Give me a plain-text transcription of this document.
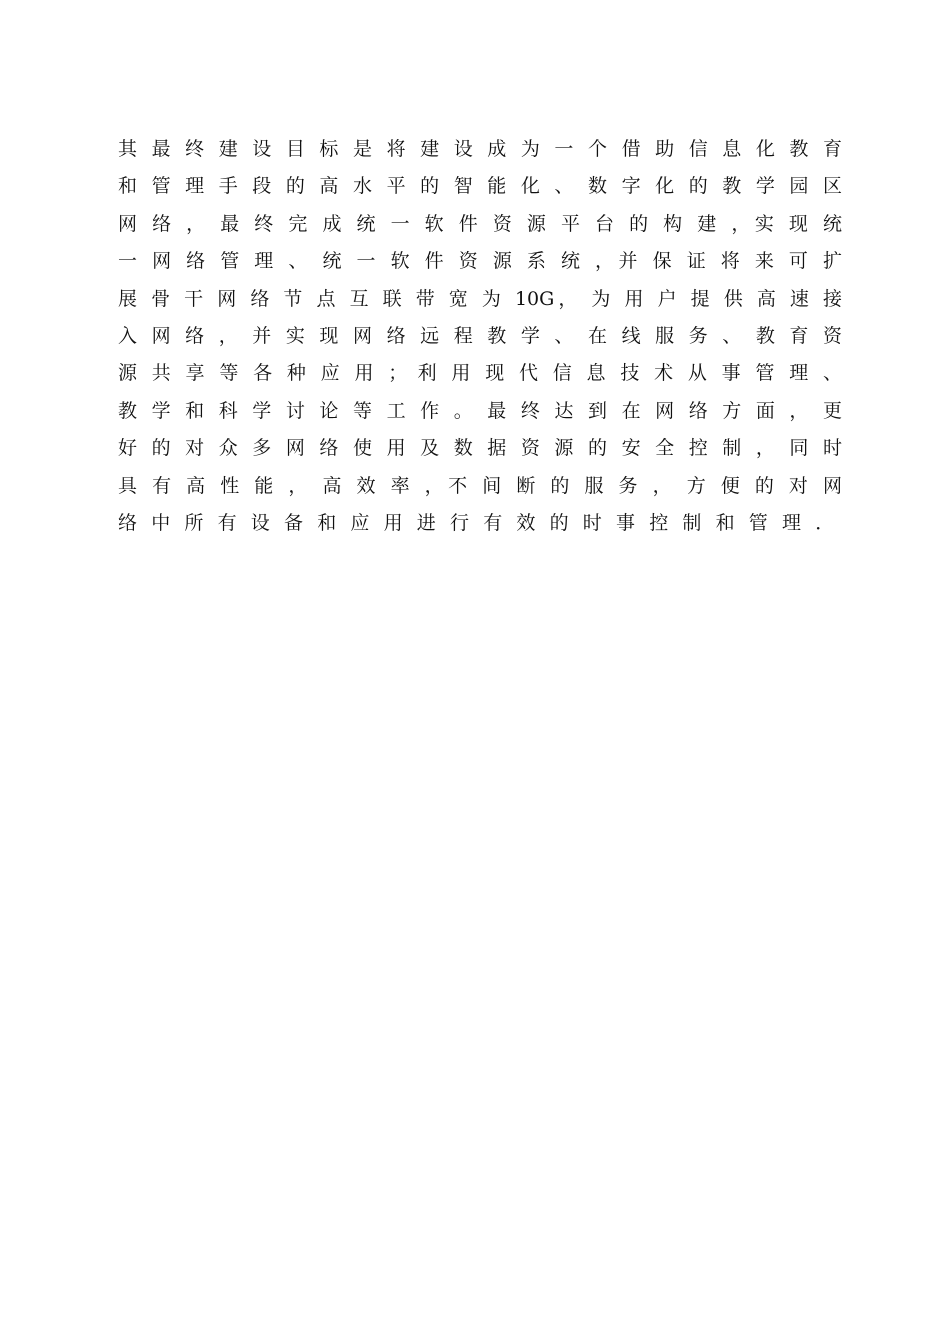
其 最 终 建 设 目 标 是 将 建 设 成 为 一 个 借 助 信 息 化 教 育
和 管 理 手 段 的 高 水 平 的 智 能 化 、 数 字 化 的 教 学 园 区
网 络 ， 最 终 完 成 统 一 软 件 资 源 平 台 的 构 建 ，实 现 统
一 网 络 管 理 、 统 一 软 件 资 源 系 统 ，并 保 证 将 来 可 扩
展 骨 干 网 络 节 点 互 联 带 宽 为 10G， 为 用 户 提 供 高 速 接
入 网 络 ， 并 实 现 网 络 远 程 教 学 、 在 线 服 务 、 教 育 资
源 共 享 等 各 种 应 用 ； 利 用 现 代 信 息 技 术 从 事 管 理 、
教 学 和 科 学 讨 论 等 工 作 。 最 终 达 到 在 网 络 方 面 ， 更
好 的 对 众 多 网 络 使 用 及 数 据 资 源 的 安 全 控 制 ， 同 时
具 有 高 性 能 ， 高 效 率 ，不 间 断 的 服 务 ， 方 便 的 对 网
络中所有设备和应用进行有效的时事控制和管理．
